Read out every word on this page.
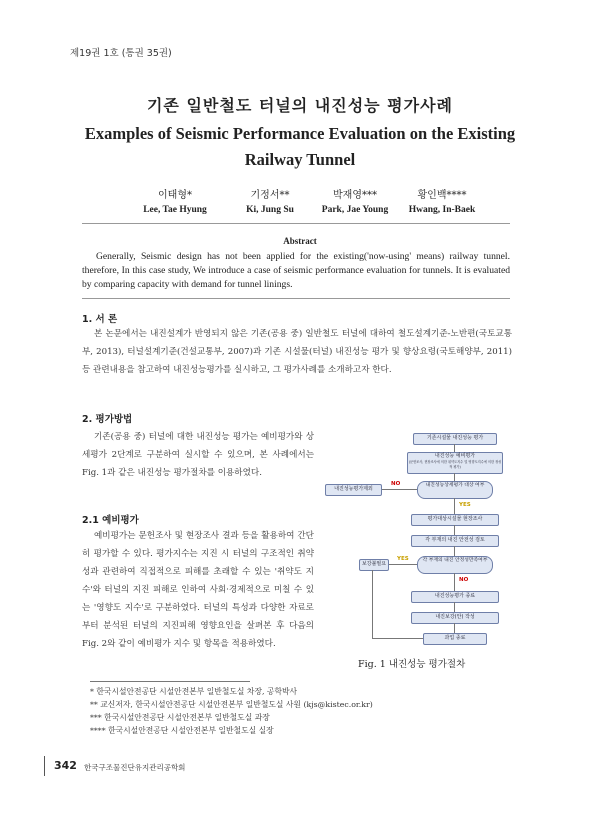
제19권 1호 (통권 35권)
기존 일반철도 터널의 내진성능 평가사례
Examples of Seismic Performance Evaluation on the Existing Railway Tunnel
이태형*
Lee, Tae Hyung
기정서**
Ki, Jung Su
박재영***
Park, Jae Young
황인백****
Hwang, In-Baek
Abstract
Generally, Seismic design has not been applied for the existing('now-using' means) railway tunnel. therefore, In this case study, We introduce a case of seismic performance evaluation for tunnels. It is evaluated by comparing capacity with demand for tunnel linings.
1. 서 론
본 논문에서는 내진설계가 반영되지 않은 기존(공용 중) 일반철도 터널에 대하여 철도설계기준-노반편(국토교통부, 2013), 터널설계기준(건설교통부, 2007)과 기존 시설물(터널) 내진성능 평가 및 향상요령(국토해양부, 2011) 등 관련내용을 참고하여 내진성능평가를 실시하고, 그 평가사례를 소개하고자 한다.
2. 평가방법
기존(공용 중) 터널에 대한 내진성능 평가는 예비평가와 상세평가 2단계로 구분하여 실시할 수 있으며, 본 사례에서는 Fig. 1과 같은 내진성능 평가절차를 이용하였다.
2.1 예비평가
예비평가는 문헌조사 및 현장조사 결과 등을 활용하여 간단히 평가할 수 있다. 평가지수는 지진 시 터널의 구조적인 취약성과 관련하여 직접적으로 피해를 초래할 수 있는 '취약도 지수'와 터널의 지진 피해로 인하여 사회·경제적으로 미칠 수 있는 '영향도 지수'로 구분하였다. 터널의 특성과 다양한 자료로부터 분석된 터널의 지진피해 영향요인을 살펴본 후 다음의 Fig. 2와 같이 예비평가 지수 및 항목을 적용하였다.
기존시설물 내진성능 평가
내진성능 예비평가
(문헌조사, 현장조사에 의한 취약도지수 및 영향도지수에 의한 정성적 평가)
내진성능상세평가 대상 여부
NO
내진성능평가제외
YES
평가대상시설물 현장조사
각 부재의 내진 안전성 검토
각 부재의 내진 안정성만족여부
YES
보강불필요
NO
내진성능평가 종료
내진보강(안) 작성
과업 종료
Fig. 1 내진성능 평가절차
* 한국시설안전공단 시설안전본부 일반철도실 차장, 공학박사
** 교신저자, 한국시설안전공단 시설안전본부 일반철도실 사원 (kjs@kistec.or.kr)
*** 한국시설안전공단 시설안전본부 일반철도실 과장
**** 한국시설안전공단 시설안전본부 일반철도실 실장
342 한국구조물진단유지관리공학회
